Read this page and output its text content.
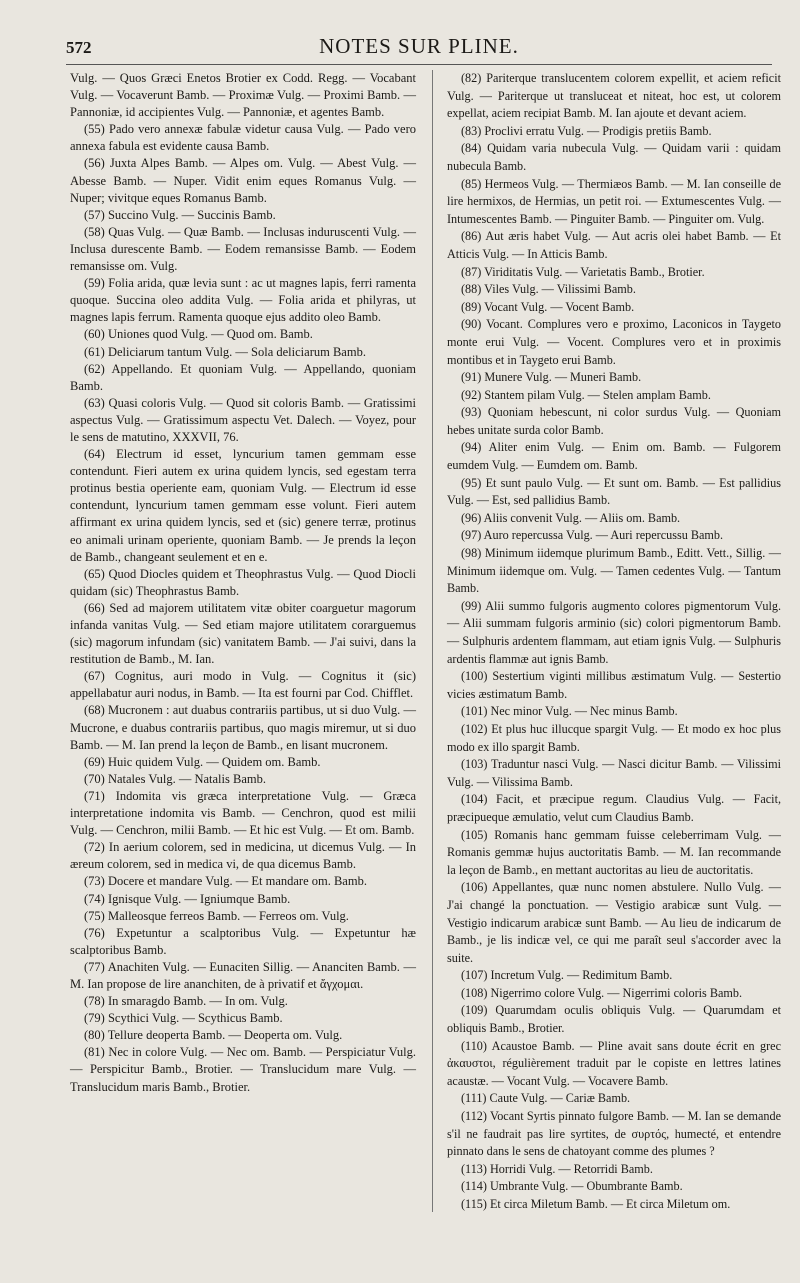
572	NOTES SUR PLINE.

Vulg. — Quos Græci Enetos Brotier ex Codd. Regg. — Vocabant Vulg. — Vocaverunt Bamb. — Proximæ Vulg. — Proximi Bamb. — Pannoniæ, id accipientes Vulg. — Pannoniæ, et agentes Bamb.

(55) Pado vero annexæ fabulæ videtur causa Vulg. — Pado vero annexa fabula est evidente causa Bamb.

(56) Juxta Alpes Bamb. — Alpes om. Vulg. — Abest Vulg. — Abesse Bamb. — Nuper. Vidit enim eques Romanus Vulg. — Nuper; vivitque eques Romanus Bamb.

(57) Succino Vulg. — Succinis Bamb.

(58) Quas Vulg. — Quæ Bamb. — Inclusas induruscenti Vulg. — Inclusa durescente Bamb. — Eodem remansisse Bamb. — Eodem remansisse om. Vulg.

(59) Folia arida, quæ levia sunt : ac ut magnes lapis, ferri ramenta quoque. Succina oleo addita Vulg. — Folia arida et philyras, ut magnes lapis ferrum. Ramenta quoque ejus addito oleo Bamb.

(60) Uniones quod Vulg. — Quod om. Bamb.

(61) Deliciarum tantum Vulg. — Sola deliciarum Bamb.

(62) Appellando. Et quoniam Vulg. — Appellando, quoniam Bamb.

(63) Quasi coloris Vulg. — Quod sit coloris Bamb. — Gratissimi aspectus Vulg. — Gratissimum aspectu Vet. Dalech. — Voyez, pour le sens de matutino, XXXVII, 76.

(64) Electrum id esset, lyncurium tamen gemmam esse contendunt. Fieri autem ex urina quidem lyncis, sed egestam terra protinus bestia operiente eam, quoniam Vulg. — Electrum id esse contendunt, lyncurium tamen gemmam esse volunt. Fieri autem affirmant ex urina quidem lyncis, sed et (sic) genere terræ, protinus eo animali urinam operiente, quoniam Bamb. — Je prends la leçon de Bamb., changeant seulement et en e.

(65) Quod Diocles quidem et Theophrastus Vulg. — Quod Diocli quidam (sic) Theophrastus Bamb.

(66) Sed ad majorem utilitatem vitæ obiter coarguetur magorum infanda vanitas Vulg. — Sed etiam majore utilitatem corarguemus (sic) magorum infundam (sic) vanitatem Bamb. — J'ai suivi, dans la restitution de Bamb., M. Ian.

(67) Cognitus, auri modo in Vulg. — Cognitus it (sic) appellabatur auri nodus, in Bamb. — Ita est fourni par Cod. Chifflet.

(68) Mucronem : aut duabus contrariis partibus, ut si duo Vulg. — Mucrone, e duabus contrariis partibus, quo magis miremur, ut si duo Bamb. — M. Ian prend la leçon de Bamb., en lisant mucronem.

(69) Huic quidem Vulg. — Quidem om. Bamb.

(70) Natales Vulg. — Natalis Bamb.

(71) Indomita vis græca interpretatione Vulg. — Græca interpretatione indomita vis Bamb. — Cenchron, quod est milii Vulg. — Cenchron, milii Bamb. — Et hic est Vulg. — Et om. Bamb.

(72) In aerium colorem, sed in medicina, ut dicemus Vulg. — In æreum colorem, sed in medica vi, de qua dicemus Bamb.

(73) Docere et mandare Vulg. — Et mandare om. Bamb.

(74) Ignisque Vulg. — Igniumque Bamb.

(75) Malleosque ferreos Bamb. — Ferreos om. Vulg.

(76) Expetuntur a scalptoribus Vulg. — Expetuntur hæ scalptoribus Bamb.

(77) Anachiten Vulg. — Eunaciten Sillig. — Ananciten Bamb. — M. Ian propose de lire ananchiten, de à privatif et ἄγχομαι.

(78) In smaragdo Bamb. — In om. Vulg.

(79) Scythici Vulg. — Scythicus Bamb.

(80) Tellure deoperta Bamb. — Deoperta om. Vulg.

(81) Nec in colore Vulg. — Nec om. Bamb. — Perspiciatur Vulg. — Perspicitur Bamb., Brotier. — Translucidum mare Vulg. — Translucidum maris Bamb., Brotier.

(82) Pariterque translucentem colorem expellit, et aciem reficit Vulg. — Pariterque ut transluceat et niteat, hoc est, ut colorem expellat, aciem recipiat Bamb. M. Ian ajoute et devant aciem.

(83) Proclivi erratu Vulg. — Prodigis pretiis Bamb.

(84) Quidam varia nubecula Vulg. — Quidam varii : quidam nubecula Bamb.

(85) Hermeos Vulg. — Thermiæos Bamb. — M. Ian conseille de lire hermixos, de Hermias, un petit roi. — Extumescentes Vulg. — Intumescentes Bamb. — Pinguiter Bamb. — Pinguiter om. Vulg.

(86) Aut æris habet Vulg. — Aut acris olei habet Bamb. — Et Atticis Vulg. — In Atticis Bamb.

(87) Viriditatis Vulg. — Varietatis Bamb., Brotier.

(88) Viles Vulg. — Vilissimi Bamb.

(89) Vocant Vulg. — Vocent Bamb.

(90) Vocant. Complures vero e proximo, Laconicos in Taygeto monte erui Vulg. — Vocent. Complures vero et in proximis montibus et in Taygeto erui Bamb.

(91) Munere Vulg. — Muneri Bamb.

(92) Stantem pilam Vulg. — Stelen amplam Bamb.

(93) Quoniam hebescunt, ni color surdus Vulg. — Quoniam hebes unitate surda color Bamb.

(94) Aliter enim Vulg. — Enim om. Bamb. — Fulgorem eumdem Vulg. — Eumdem om. Bamb.

(95) Et sunt paulo Vulg. — Et sunt om. Bamb. — Est pallidius Vulg. — Est, sed pallidius Bamb.

(96) Aliis convenit Vulg. — Aliis om. Bamb.

(97) Auro repercussa Vulg. — Auri repercussu Bamb.

(98) Minimum iidemque plurimum Bamb., Editt. Vett., Sillig. — Minimum iidemque om. Vulg. — Tamen cedentes Vulg. — Tantum Bamb.

(99) Alii summo fulgoris augmento colores pigmentorum Vulg. — Alii summam fulgoris arminio (sic) colori pigmentorum Bamb. — Sulphuris ardentem flammam, aut etiam ignis Vulg. — Sulphuris ardentis flammæ aut ignis Bamb.

(100) Sestertium viginti millibus æstimatum Vulg. — Sestertio vicies æstimatum Bamb.

(101) Nec minor Vulg. — Nec minus Bamb.

(102) Et plus huc illucque spargit Vulg. — Et modo ex hoc plus modo ex illo spargit Bamb.

(103) Traduntur nasci Vulg. — Nasci dicitur Bamb. — Vilissimi Vulg. — Vilissima Bamb.

(104) Facit, et præcipue regum. Claudius Vulg. — Facit, præcipueque æmulatio, velut cum Claudius Bamb.

(105) Romanis hanc gemmam fuisse celeberrimam Vulg. — Romanis gemmæ hujus auctoritatis Bamb. — M. Ian recommande la leçon de Bamb., en mettant auctoritas au lieu de auctoritatis.

(106) Appellantes, quæ nunc nomen abstulere. Nullo Vulg. — J'ai changé la ponctuation. — Vestigio arabicæ sunt Vulg. — Vestigio indicarum arabicæ sunt Bamb. — Au lieu de indicarum de Bamb., je lis indicæ vel, ce qui me paraît seul s'accorder avec la suite.

(107) Incretum Vulg. — Redimitum Bamb.

(108) Nigerrimo colore Vulg. — Nigerrimi coloris Bamb.

(109) Quarumdam oculis obliquis Vulg. — Quarumdam et obliquis Bamb., Brotier.

(110) Acaustoe Bamb. — Pline avait sans doute écrit en grec ἀκαυστοι, régulièrement traduit par le copiste en lettres latines acaustæ. — Vocant Vulg. — Vocavere Bamb.

(111) Caute Vulg. — Cariæ Bamb.

(112) Vocant Syrtis pinnato fulgore Bamb. — M. Ian se demande s'il ne faudrait pas lire syrtites, de συρτός, humecté, et entendre pinnato dans le sens de chatoyant comme des plumes ?

(113) Horridi Vulg. — Retorridi Bamb.

(114) Umbrante Vulg. — Obumbrante Bamb.

(115) Et circa Miletum Bamb. — Et circa Miletum om.
